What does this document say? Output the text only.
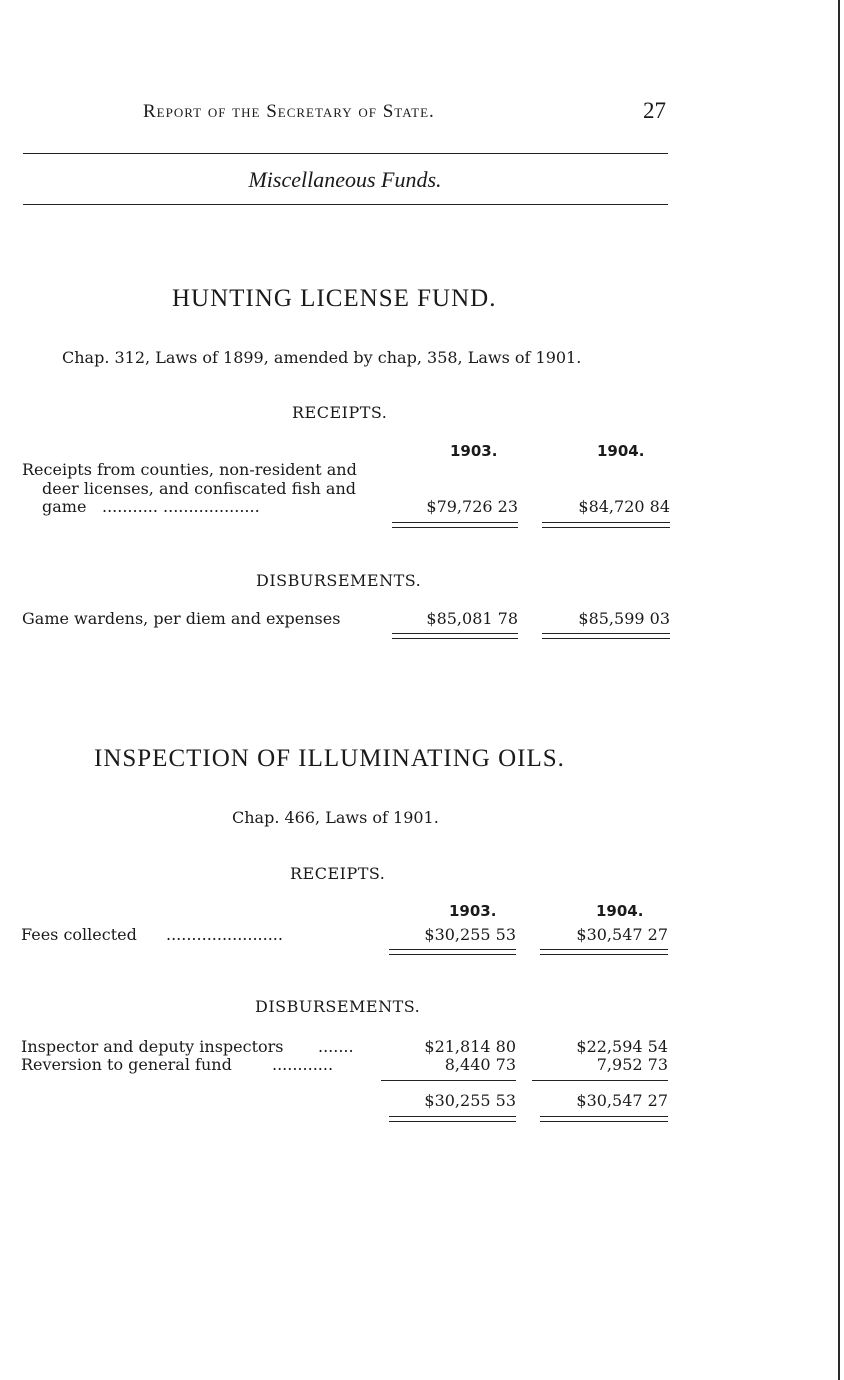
Report of the Secretary of State.	27
Miscellaneous Funds.
HUNTING LICENSE FUND.
Chap. 312, Laws of 1899, amended by chap, 358, Laws of 1901.
RECEIPTS.
1903.	1904.
Receipts from counties, non-resident and
deer licenses, and confiscated fish and
game ........... ...................	$79,726 23	$84,720 84
DISBURSEMENTS.
Game wardens, per diem and expenses	$85,081 78	$85,599 03
INSPECTION OF ILLUMINATING OILS.
Chap. 466, Laws of 1901.
RECEIPTS.
1903.	1904.
Fees collected .......................	$30,255 53	$30,547 27
DISBURSEMENTS.
Inspector and deputy inspectors .......	$21,814 80	$22,594 54
Reversion to general fund	............	8,440 73	7,952 73
$30,255 53	$30,547 27
